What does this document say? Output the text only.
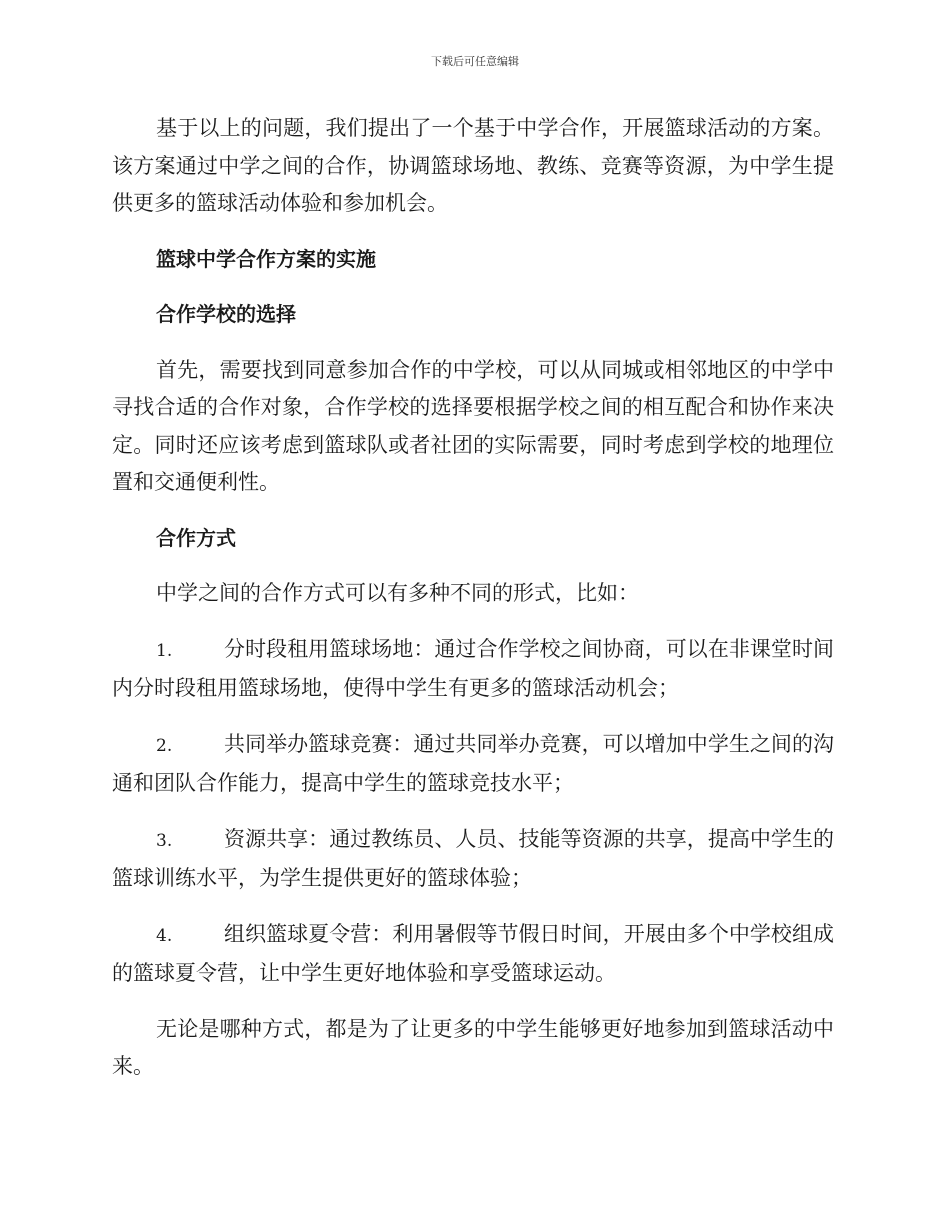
下载后可任意编辑

基于以上的问题，我们提出了一个基于中学合作，开展篮球活动的方案。该方案通过中学之间的合作，协调篮球场地、教练、竞赛等资源，为中学生提供更多的篮球活动体验和参加机会。

篮球中学合作方案的实施

合作学校的选择

首先，需要找到同意参加合作的中学校，可以从同城或相邻地区的中学中寻找合适的合作对象，合作学校的选择要根据学校之间的相互配合和协作来决定。同时还应该考虑到篮球队或者社团的实际需要，同时考虑到学校的地理位置和交通便利性。

合作方式

中学之间的合作方式可以有多种不同的形式，比如：

1. 分时段租用篮球场地：通过合作学校之间协商，可以在非课堂时间内分时段租用篮球场地，使得中学生有更多的篮球活动机会；

2. 共同举办篮球竞赛：通过共同举办竞赛，可以增加中学生之间的沟通和团队合作能力，提高中学生的篮球竞技水平；

3. 资源共享：通过教练员、人员、技能等资源的共享，提高中学生的篮球训练水平，为学生提供更好的篮球体验；

4. 组织篮球夏令营：利用暑假等节假日时间，开展由多个中学校组成的篮球夏令营，让中学生更好地体验和享受篮球运动。

无论是哪种方式，都是为了让更多的中学生能够更好地参加到篮球活动中来。
